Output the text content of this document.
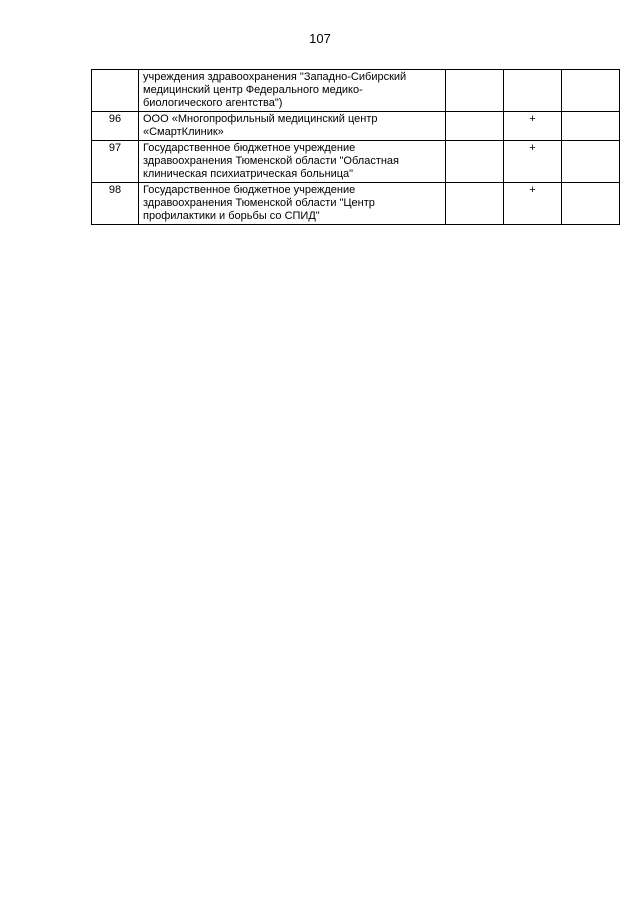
107
	учреждения здравоохранения "Западно-Сибирский медицинский центр Федерального медико-биологического агентства")			
96	ООО «Многопрофильный медицинский центр «СмартКлиник»		+	
97	Государственное бюджетное учреждение здравоохранения Тюменской области "Областная клиническая психиатрическая больница"		+	
98	Государственное бюджетное учреждение здравоохранения Тюменской области "Центр профилактики и борьбы со СПИД"		+	
